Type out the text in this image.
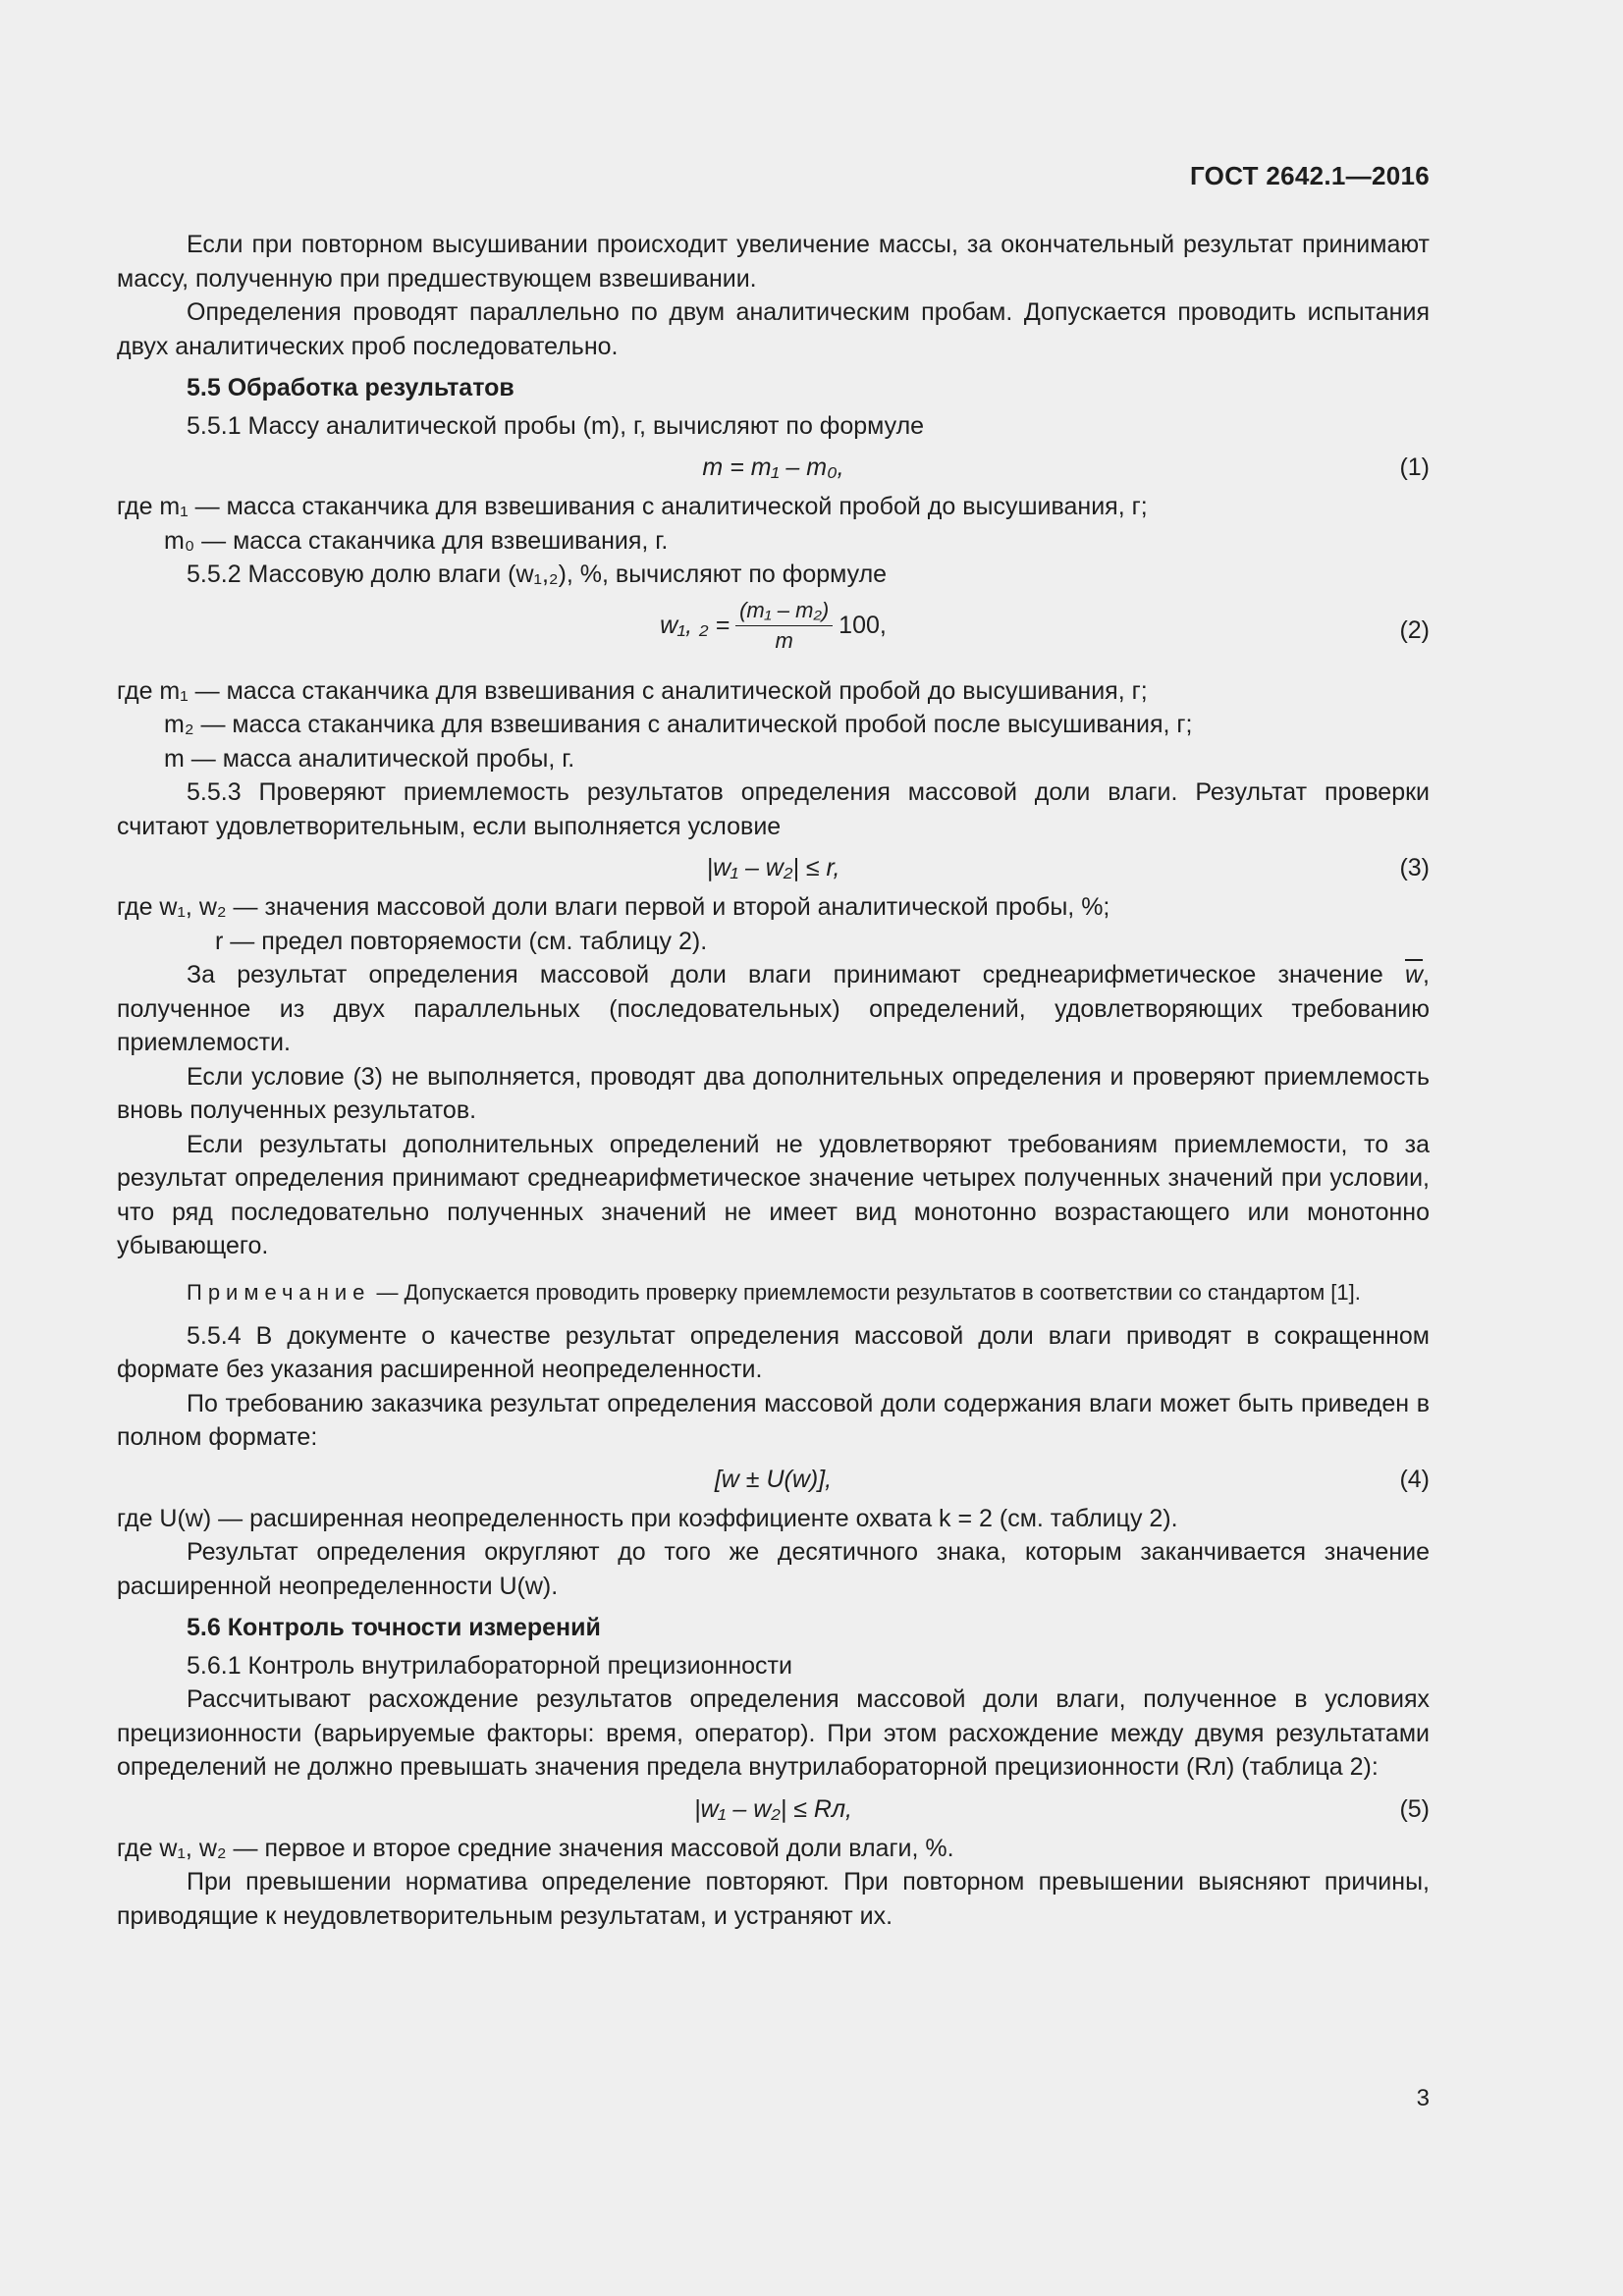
ГОСТ 2642.1—2016

Если при повторном высушивании происходит увеличение массы, за окончательный результат принимают массу, полученную при предшествующем взвешивании.

Определения проводят параллельно по двум аналитическим пробам. Допускается проводить испытания двух аналитических проб последовательно.

5.5 Обработка результатов

5.5.1 Массу аналитической пробы (m), г, вычисляют по формуле

m = m₁ – m₀,	(1)

где m₁ — масса стаканчика для взвешивания с аналитической пробой до высушивания, г;

m₀ — масса стаканчика для взвешивания, г.

5.5.2 Массовую долю влаги (w₁,₂), %, вычисляют по формуле

w₁, $_2 = \frac{\text{(m₁ – m₂)}}{m} 100$,	(2)

где m₁ — масса стаканчика для взвешивания с аналитической пробой до высушивания, г;

m₂ — масса стаканчика для взвешивания с аналитической пробой после высушивания, г;

m — масса аналитической пробы, г.

5.5.3 Проверяют приемлемость результатов определения массовой доли влаги. Результат проверки считают удовлетворительным, если выполняется условие

|w₁ – w₂| ≤ r,	(3)

где w₁, w₂ — значения массовой доли влаги первой и второй аналитической пробы, %;

r — предел повторяемости (см. таблицу 2).

За результат определения массовой доли влаги принимают среднеарифметическое значение $\overline{w}$, полученное из двух параллельных (последовательных) определений, удовлетворяющих требованию приемлемости.

Если условие (3) не выполняется, проводят два дополнительных определения и проверяют приемлемость вновь полученных результатов.

Если результаты дополнительных определений не удовлетворяют требованиям приемлемости, то за результат определения принимают среднеарифметическое значение четырех полученных значений при условии, что ряд последовательно полученных значений не имеет вид монотонно возрастающего или монотонно убывающего.

Примечание — Допускается проводить проверку приемлемости результатов в соответствии со стандартом [1].

5.5.4 В документе о качестве результат определения массовой доли влаги приводят в сокращенном формате без указания расширенной неопределенности.

По требованию заказчика результат определения массовой доли содержания влаги может быть приведен в полном формате:

[w ± U(w)],	(4)

где U(w) — расширенная неопределенность при коэффициенте охвата k = 2 (см. таблицу 2).

Результат определения округляют до того же десятичного знака, которым заканчивается значение расширенной неопределенности U(w).

5.6 Контроль точности измерений

5.6.1 Контроль внутрилабораторной прецизионности

Рассчитывают расхождение результатов определения массовой доли влаги, полученное в условиях прецизионности (варьируемые факторы: время, оператор). При этом расхождение между двумя результатами определений не должно превышать значения предела внутрилабораторной прецизионности (Rл) (таблица 2):

|w₁ – w₂| ≤ Rл,	(5)

где w₁, w₂ — первое и второе средние значения массовой доли влаги, %.

При превышении норматива определение повторяют. При повторном превышении выясняют причины, приводящие к неудовлетворительным результатам, и устраняют их.

3
